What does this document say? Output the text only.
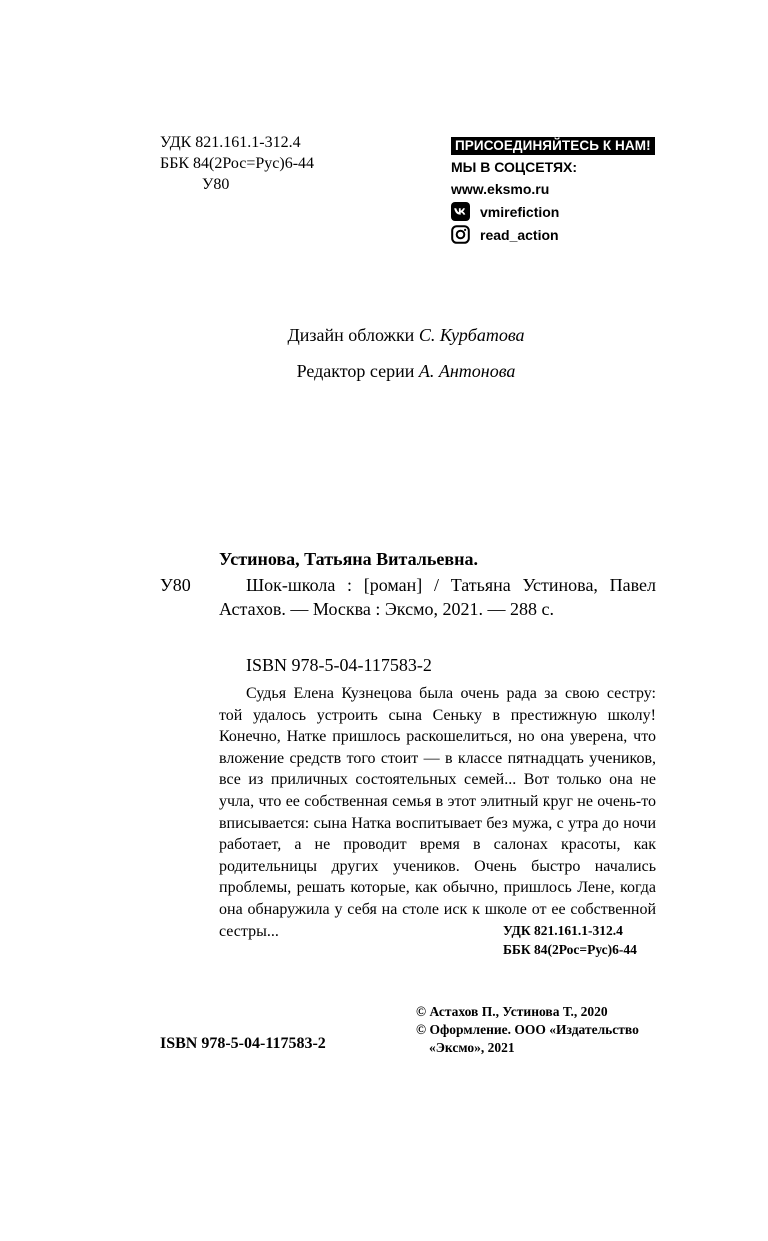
УДК 821.161.1-312.4
ББК 84(2Рос=Рус)6-44
У80
ПРИСОЕДИНЯЙТЕСЬ К НАМ!
МЫ В СОЦСЕТЯХ:
www.eksmo.ru
vmirefiction
read_action
Дизайн обложки С. Курбатова
Редактор серии А. Антонова
Устинова, Татьяна Витальевна.
У80	Шок-школа : [роман] / Татьяна Устинова, Павел Астахов. — Москва : Эксмо, 2021. — 288 с.
ISBN 978-5-04-117583-2
Судья Елена Кузнецова была очень рада за свою сестру: той удалось устроить сына Сеньку в престижную школу! Конечно, Натке пришлось раскошелиться, но она уверена, что вложение средств того стоит — в классе пятнадцать учеников, все из приличных состоятельных семей... Вот только она не учла, что ее собственная семья в этот элитный круг не очень-то вписывается: сына Натка воспитывает без мужа, с утра до ночи работает, а не проводит время в салонах красоты, как родительницы других учеников. Очень быстро начались проблемы, решать которые, как обычно, пришлось Лене, когда она обнаружила у себя на столе иск к школе от ее собственной сестры...	УДК 821.161.1-312.4
ББК 84(2Рос=Рус)6-44
© Астахов П., Устинова Т., 2020
© Оформление. ООО «Издательство
«Эксмо», 2021
ISBN 978-5-04-117583-2
